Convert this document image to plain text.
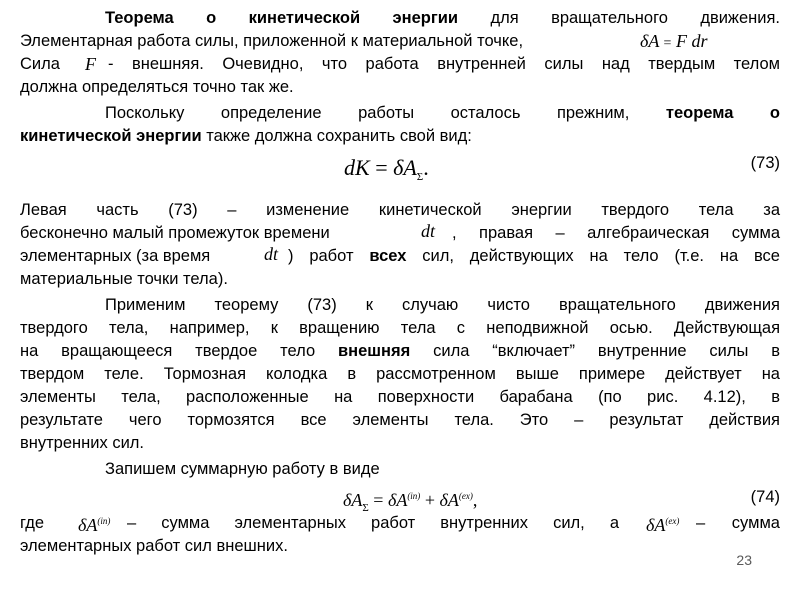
Теорема о кинетической энергии для вращательного движения.
Элементарная работа силы, приложенной к материальной точке,	δA = F dr
Сила	F - внешняя. Очевидно, что работа внутренней силы над твердым телом
должна определяться точно так же.
Поскольку определение работы осталось прежним, теорема о
кинетической энергии также должна сохранить свой вид:
dK = $\delta A_\Sigma$.	(73)
Левая часть (73) – изменение кинетической энергии твердого тела за
бесконечно малый промежуток времени	dt	, правая – алгебраическая сумма
элементарных (за время	dt ) работ всех сил, действующих на тело (т.е. на все
материальные точки тела).
Применим теорему (73) к случаю чисто вращательного движения
твердого тела, например, к вращению тела с неподвижной осью. Действующая
на вращающееся твердое тело внешняя сила “включает” внутренние силы в
твердом теле. Тормозная колодка в рассмотренном выше примере действует на
элементы тела, расположенные на поверхности барабана (по рис. 4.12), в
результате чего тормозятся все элементы тела. Это – результат действия
внутренних сил.
Запишем суммарную работу в виде
$\delta A_\Sigma = \delta A^{(in)} + \delta A^{(ex)}$,	(74)
где	$\delta A^{(in)}$	– сумма элементарных работ внутренних сил, а $\delta A^{(ex)}$	– сумма
элементарных работ сил внешних.
23
